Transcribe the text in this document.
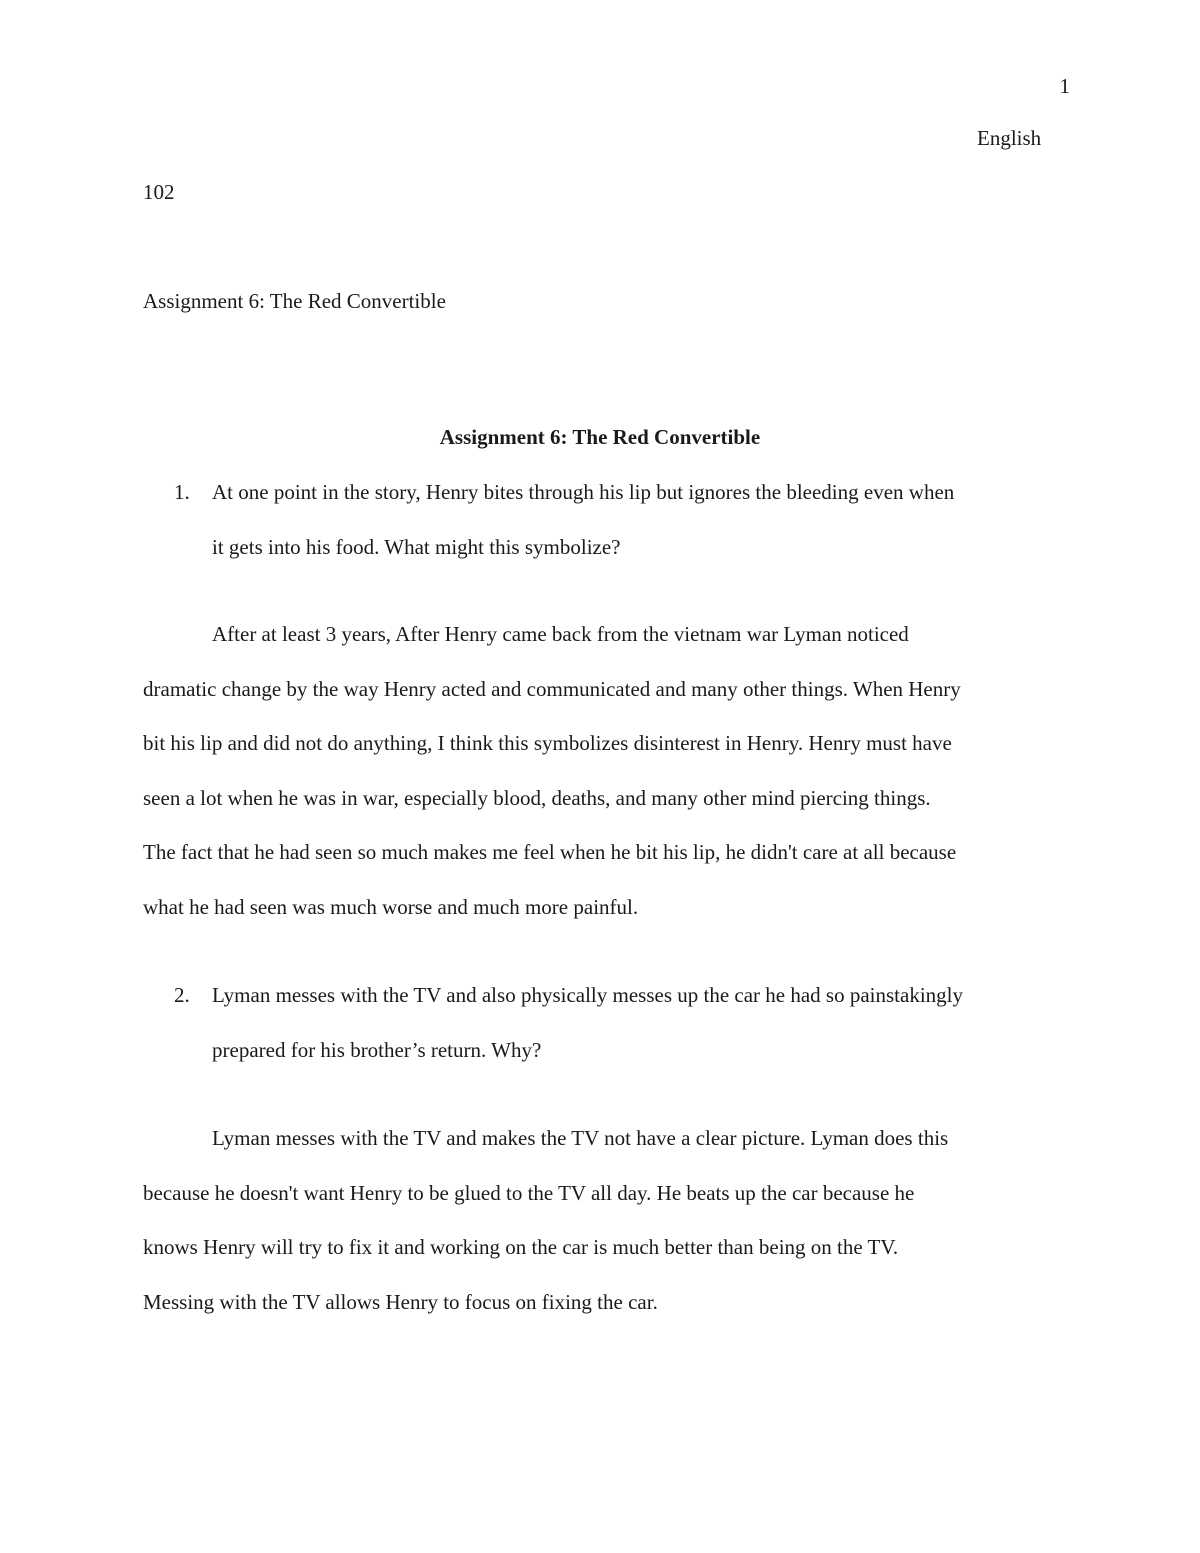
1
English
102
Assignment 6: The Red Convertible
Assignment 6: The Red Convertible
1. At one point in the story, Henry bites through his lip but ignores the bleeding even when
it gets into his food. What might this symbolize?
After at least 3 years, After Henry came back from the vietnam war Lyman noticed
dramatic change by the way Henry acted and communicated and many other things. When Henry
bit his lip and did not do anything, I think this symbolizes disinterest in Henry. Henry must have
seen a lot when he was in war, especially blood, deaths, and many other mind piercing things.
The fact that he had seen so much makes me feel when he bit his lip, he didn't care at all because
what he had seen was much worse and much more painful.
2. Lyman messes with the TV and also physically messes up the car he had so painstakingly
prepared for his brother’s return. Why?
Lyman messes with the TV and makes the TV not have a clear picture. Lyman does this
because he doesn't want Henry to be glued to the TV all day. He beats up the car because he
knows Henry will try to fix it and working on the car is much better than being on the TV.
Messing with the TV allows Henry to focus on fixing the car.
